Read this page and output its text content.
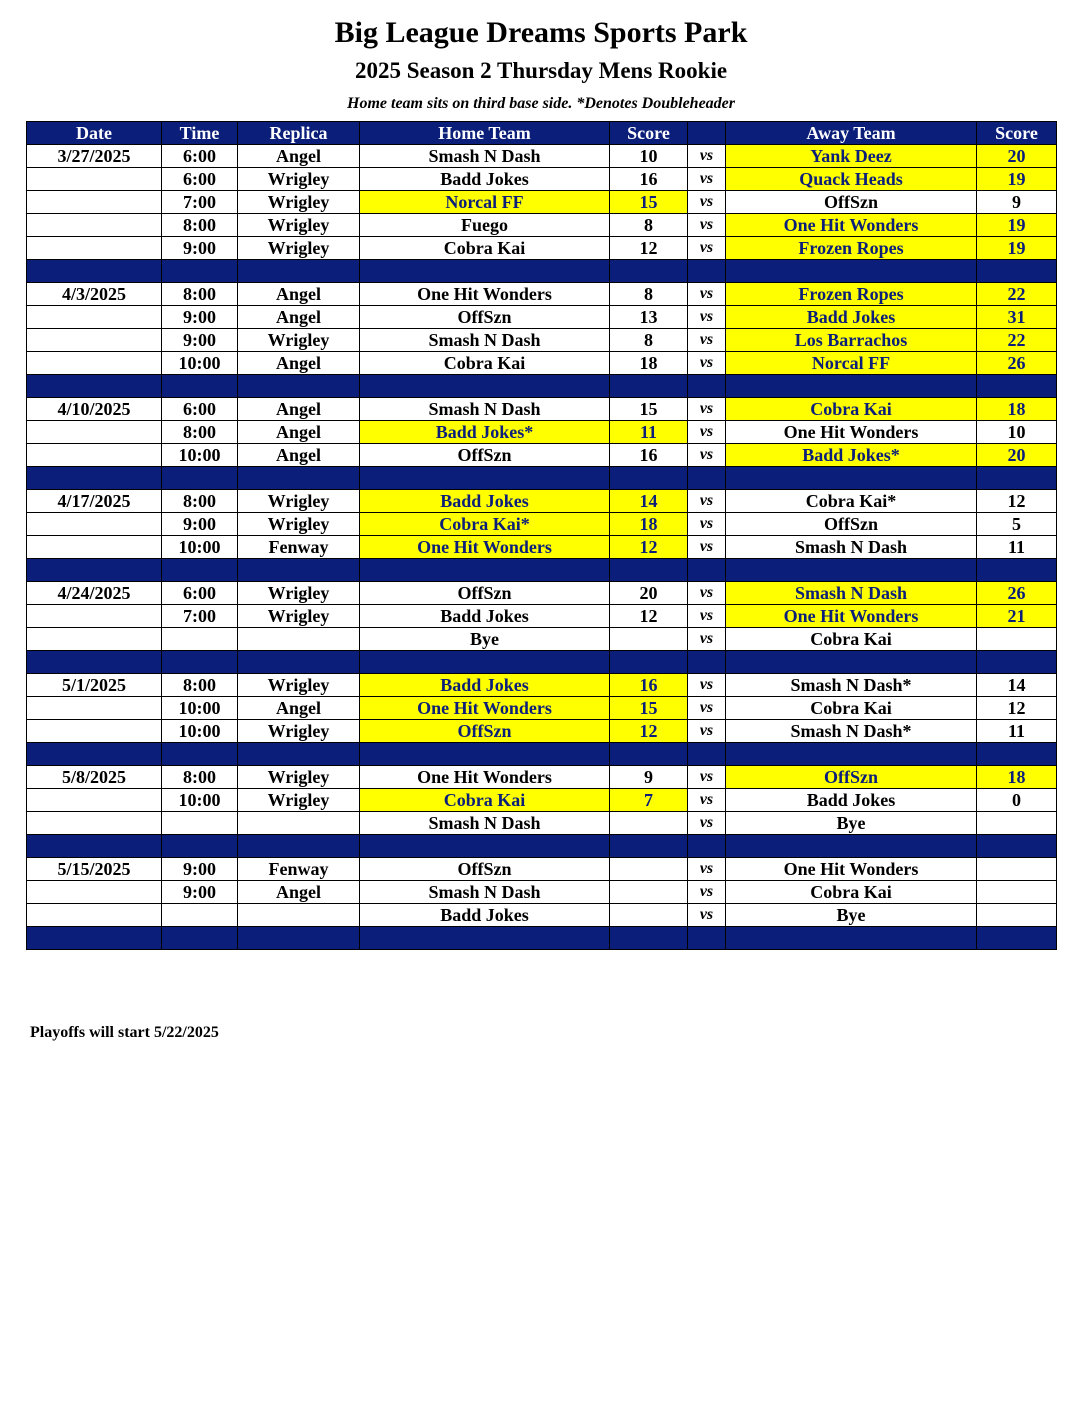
Big League Dreams Sports Park
2025 Season 2 Thursday Mens Rookie

Home team sits on third base side. *Denotes Doubleheader

Date	Time	Replica	Home Team	Score		Away Team	Score
3/27/2025	6:00	Angel	Smash N Dash	10	vs	Yank Deez	20
	6:00	Wrigley	Badd Jokes	16	vs	Quack Heads	19
	7:00	Wrigley	Norcal FF	15	vs	OffSzn	9
	8:00	Wrigley	Fuego	8	vs	One Hit Wonders	19
	9:00	Wrigley	Cobra Kai	12	vs	Frozen Ropes	19

4/3/2025	8:00	Angel	One Hit Wonders	8	vs	Frozen Ropes	22
	9:00	Angel	OffSzn	13	vs	Badd Jokes	31
	9:00	Wrigley	Smash N Dash	8	vs	Los Barrachos	22
	10:00	Angel	Cobra Kai	18	vs	Norcal FF	26

4/10/2025	6:00	Angel	Smash N Dash	15	vs	Cobra Kai	18
	8:00	Angel	Badd Jokes*	11	vs	One Hit Wonders	10
	10:00	Angel	OffSzn	16	vs	Badd Jokes*	20

4/17/2025	8:00	Wrigley	Badd Jokes	14	vs	Cobra Kai*	12
	9:00	Wrigley	Cobra Kai*	18	vs	OffSzn	5
	10:00	Fenway	One Hit Wonders	12	vs	Smash N Dash	11

4/24/2025	6:00	Wrigley	OffSzn	20	vs	Smash N Dash	26
	7:00	Wrigley	Badd Jokes	12	vs	One Hit Wonders	21
			Bye		vs	Cobra Kai	

5/1/2025	8:00	Wrigley	Badd Jokes	16	vs	Smash N Dash*	14
	10:00	Angel	One Hit Wonders	15	vs	Cobra Kai	12
	10:00	Wrigley	OffSzn	12	vs	Smash N Dash*	11

5/8/2025	8:00	Wrigley	One Hit Wonders	9	vs	OffSzn	18
	10:00	Wrigley	Cobra Kai	7	vs	Badd Jokes	0
			Smash N Dash		vs	Bye	

5/15/2025	9:00	Fenway	OffSzn		vs	One Hit Wonders	
	9:00	Angel	Smash N Dash		vs	Cobra Kai	
			Badd Jokes		vs	Bye	

Playoffs will start 5/22/2025
